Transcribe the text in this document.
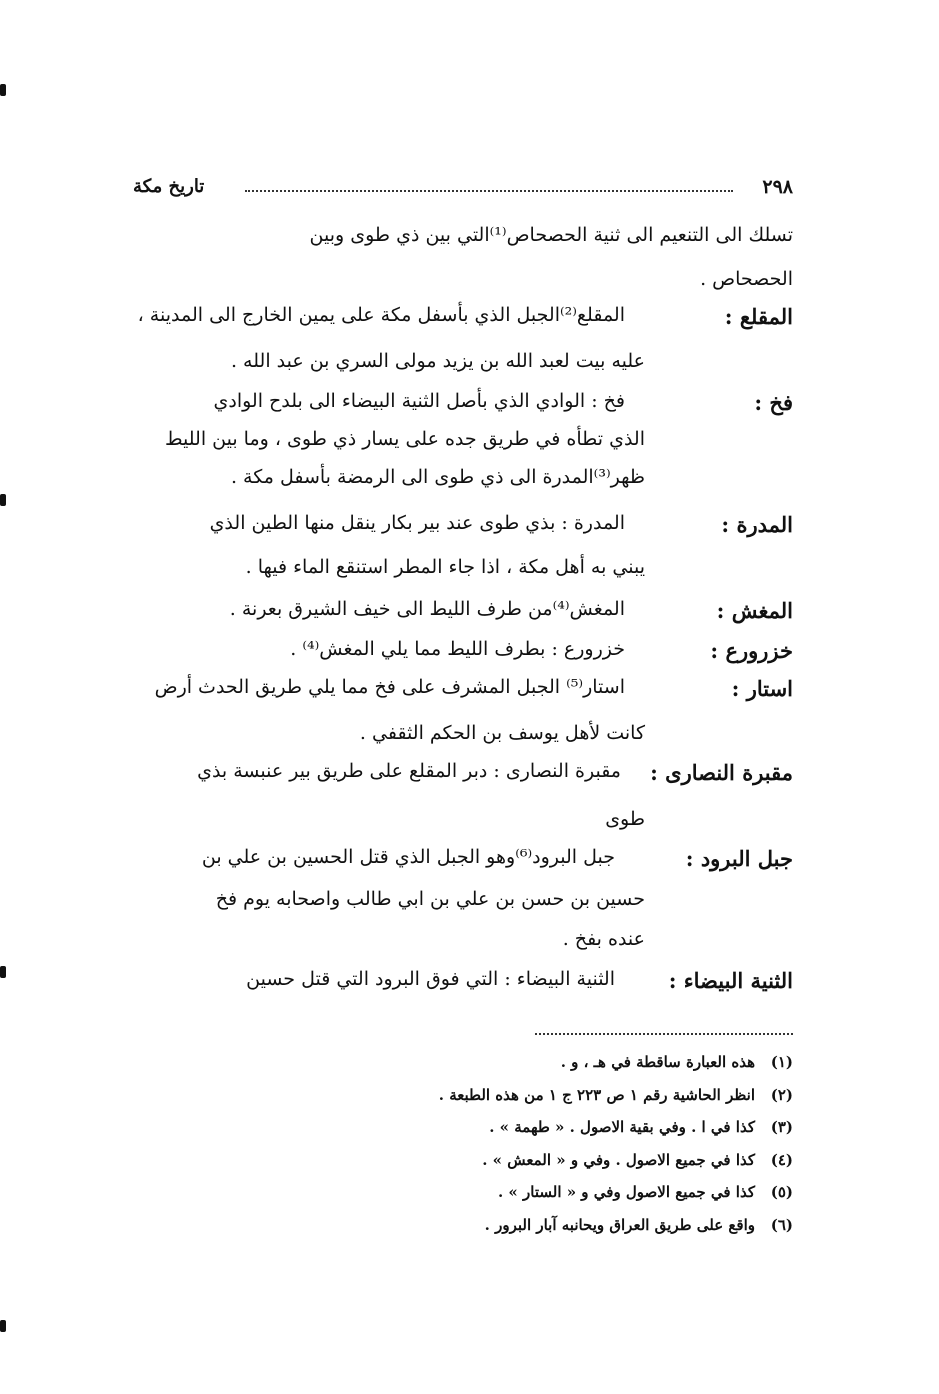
٢٩٨
تاريخ مكة
تسلك الى التنعيم الى ثنية الحصحاص⁽¹⁾التي بين ذي طوى وبين
الحصحاص .
المقلع :
المقلع⁽²⁾الجبل الذي بأسفل مكة على يمين الخارج الى المدينة ،
عليه بيت لعبد الله بن يزيد مولى السري بن عبد الله .
فخ :
فخ : الوادي الذي بأصل الثنية البيضاء الى بلدح الوادي
الذي تطأه في طريق جده على يسار ذي طوى ، وما بين الليط
ظهر⁽³⁾المدرة الى ذي طوى الى الرمضة بأسفل مكة .
المدرة :
المدرة : بذي طوى عند بير بكار ينقل منها الطين الذي
يبني به أهل مكة ، اذا جاء المطر استنقع الماء فيها .
المغش :
المغش⁽⁴⁾من طرف الليط الى خيف الشيرق بعرنة .
خزرورع :
خزرورع : بطرف الليط مما يلي المغش⁽⁴⁾ .
استار :
استار⁽⁵⁾ الجبل المشرف على فخ مما يلي طريق الحدث أرض
كانت لأهل يوسف بن الحكم الثقفي .
مقبرة النصارى :
مقبرة النصارى : دبر المقلع على طريق بير عنبسة بذي
طوى
جبل البرود :
جبل البرود⁽⁶⁾وهو الجبل الذي قتل الحسين بن علي بن
حسين بن حسن بن علي بن ابي طالب واصحابه يوم فخ
عنده بفخ .
الثنية البيضاء :
الثنية البيضاء : التي فوق البرود التي قتل حسين
(١)هذه العبارة ساقطة في هـ ، و .
(٢)انظر الحاشية رقم ١ ص ٢٢٣ ج ١ من هذه الطبعة .
(٣)كذا في ا . وفي بقية الاصول . « طهمة » .
(٤)كذا في جميع الاصول . وفي و « المعش » .
(٥)كذا في جميع الاصول وفي و « الستار » .
(٦)واقع على طريق العراق ويحانبه آبار البرور .
